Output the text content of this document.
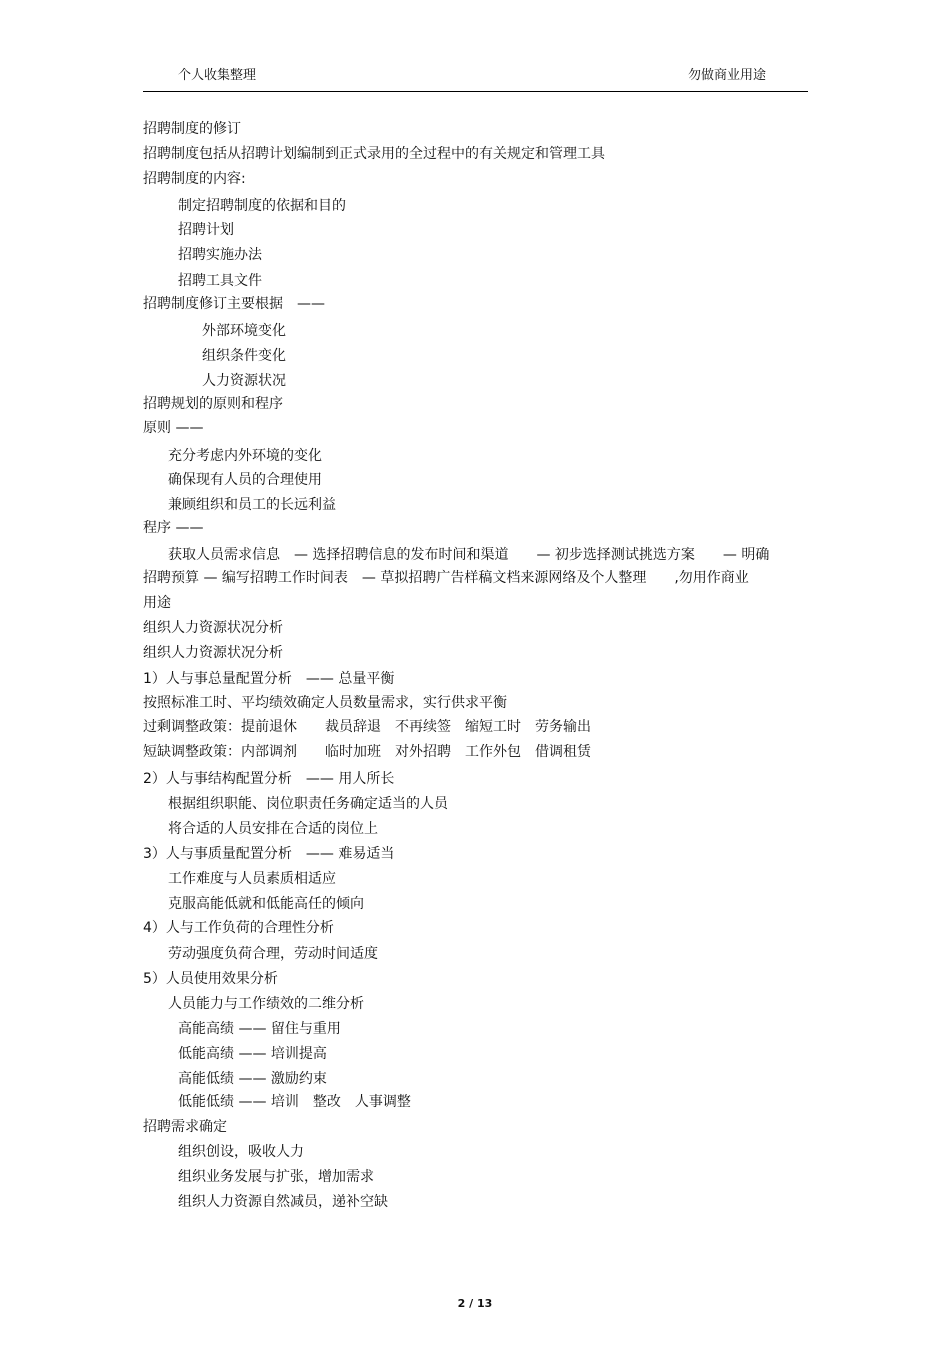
个人收集整理	勿做商业用途
招聘制度的修订
招聘制度包括从招聘计划编制到正式录用的全过程中的有关规定和管理工具
招聘制度的内容:
制定招聘制度的依据和目的
招聘计划
招聘实施办法
招聘工具文件
招聘制度修订主要根据　——
外部环境变化
组织条件变化
人力资源状况
招聘规划的原则和程序
原则 ——
充分考虑内外环境的变化
确保现有人员的合理使用
兼顾组织和员工的长远利益
程序 ——
获取人员需求信息　— 选择招聘信息的发布时间和渠道　　— 初步选择测试挑选方案　　— 明确
招聘预算 — 编写招聘工作时间表　— 草拟招聘广告样稿文档来源网络及个人整理　　,勿用作商业
用途
组织人力资源状况分析
组织人力资源状况分析
1）人与事总量配置分析　—— 总量平衡
按照标准工时、平均绩效确定人员数量需求，实行供求平衡
过剩调整政策：提前退休　　裁员辞退　不再续签　缩短工时　劳务输出
短缺调整政策：内部调剂　　临时加班　对外招聘　工作外包　借调租赁
2）人与事结构配置分析　—— 用人所长
根据组织职能、岗位职责任务确定适当的人员
将合适的人员安排在合适的岗位上
3）人与事质量配置分析　—— 难易适当
工作难度与人员素质相适应
克服高能低就和低能高任的倾向
4）人与工作负荷的合理性分析
劳动强度负荷合理，劳动时间适度
5）人员使用效果分析
人员能力与工作绩效的二维分析
高能高绩 —— 留住与重用
低能高绩 —— 培训提高
高能低绩 —— 激励约束
低能低绩 —— 培训　整改　人事调整
招聘需求确定
组织创设，吸收人力
组织业务发展与扩张，增加需求
组织人力资源自然减员，递补空缺
2 / 13
